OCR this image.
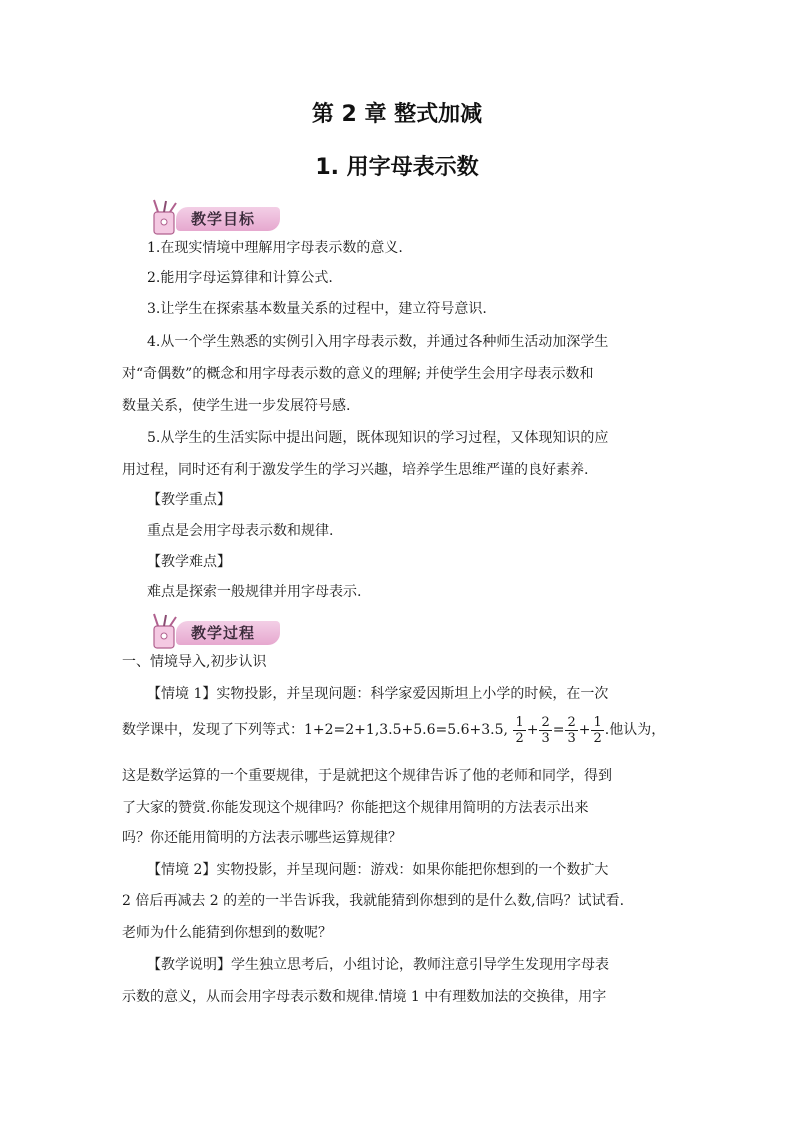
第 2 章 整式加减
1. 用字母表示数
教学目标
1.在现实情境中理解用字母表示数的意义.
2.能用字母运算律和计算公式.
3.让学生在探索基本数量关系的过程中，建立符号意识.
4.从一个学生熟悉的实例引入用字母表示数，并通过各种师生活动加深学生
对“奇偶数”的概念和用字母表示数的意义的理解; 并使学生会用字母表示数和
数量关系，使学生进一步发展符号感.
5.从学生的生活实际中提出问题，既体现知识的学习过程，又体现知识的应
用过程，同时还有利于激发学生的学习兴趣，培养学生思维严谨的良好素养.
【教学重点】
重点是会用字母表示数和规律.
【教学难点】
难点是探索一般规律并用字母表示.
教学过程
一、情境导入,初步认识
【情境 1】实物投影，并呈现问题：科学家爱因斯坦上小学的时候，在一次
数学课中，发现了下列等式：1+2=2+1,3.5+5.6=5.6+3.5, $\frac{1}{2} + \frac{2}{3} = \frac{2}{3} + \frac{1}{2}$ .他认为，
这是数学运算的一个重要规律，于是就把这个规律告诉了他的老师和同学，得到
了大家的赞赏.你能发现这个规律吗？你能把这个规律用简明的方法表示出来
吗？你还能用简明的方法表示哪些运算规律？
【情境 2】实物投影，并呈现问题：游戏：如果你能把你想到的一个数扩大
2 倍后再减去 2 的差的一半告诉我，我就能猜到你想到的是什么数,信吗？试试看.
老师为什么能猜到你想到的数呢？
【教学说明】学生独立思考后，小组讨论，教师注意引导学生发现用字母表
示数的意义，从而会用字母表示数和规律.情境 1 中有理数加法的交换律，用字
